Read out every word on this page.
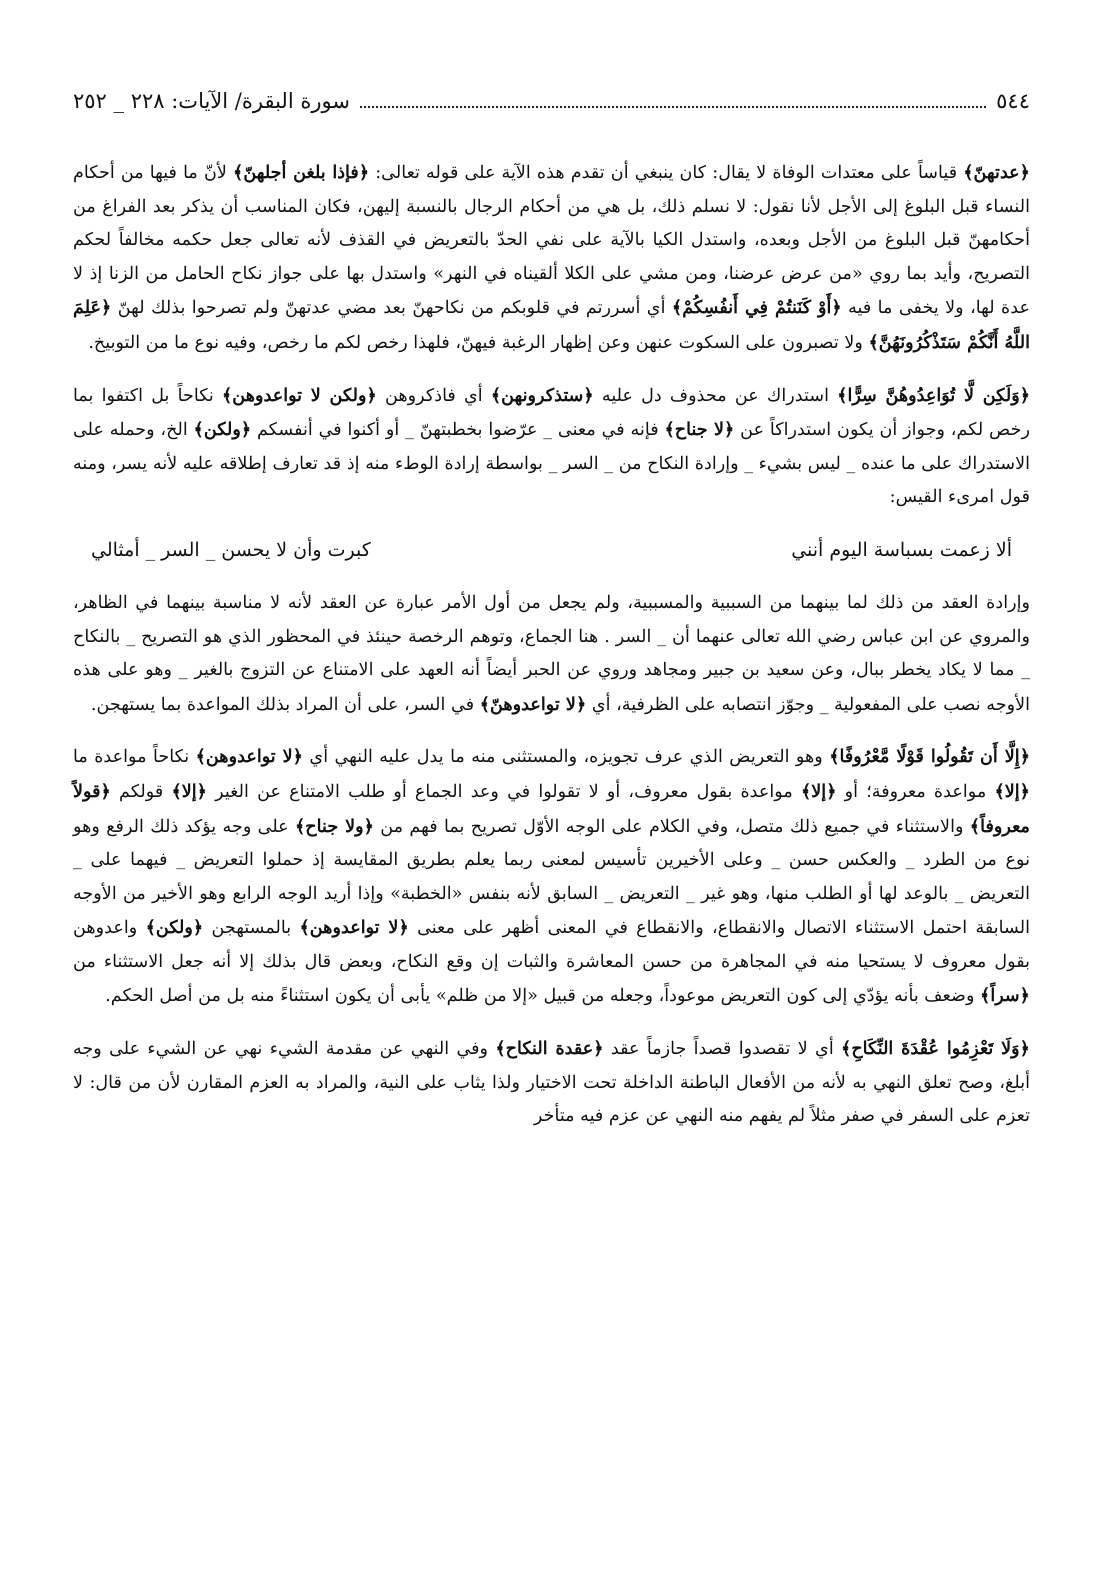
٥٤٤
سورة البقرة/ الآيات: ٢٢٨ _ ٢٥٢

﴿عدتهنّ﴾ قياساً على معتدات الوفاة لا يقال: كان ينبغي أن تقدم هذه الآية على قوله تعالى: ﴿فإذا بلغن أجلهنّ﴾ لأنّ ما فيها من أحكام النساء قبل البلوغ إلى الأجل لأنا نقول: لا نسلم ذلك، بل هي من أحكام الرجال بالنسبة إليهن، فكان المناسب أن يذكر بعد الفراغ من أحكامهنّ قبل البلوغ من الأجل وبعده، واستدل الكيا بالآية على نفي الحدّ بالتعريض في القذف لأنه تعالى جعل حكمه مخالفاً لحكم التصريح، وأيد بما روي «من عرض عرضنا، ومن مشي على الكلا ألقيناه في النهر» واستدل بها على جواز نكاح الحامل من الزنا إذ لا عدة لها، ولا يخفى ما فيه ﴿أَوْ كَنَنتُمْ فِي أَنفُسِكُمْ﴾ أي أسررتم في قلوبكم من نكاحهنّ بعد مضي عدتهنّ ولم تصرحوا بذلك لهنّ ﴿عَلِمَ اللَّهُ أَنَّكُمْ سَتَذْكُرُونَهُنَّ﴾ ولا تصبرون على السكوت عنهن وعن إظهار الرغبة فيهنّ، فلهذا رخص لكم ما رخص، وفيه نوع ما من التوبيخ.

﴿وَلَكِن لَّا تُوَاعِدُوهُنَّ سِرًّا﴾ استدراك عن محذوف دل عليه ﴿ستذكرونهن﴾ أي فاذكروهن ﴿ولكن لا تواعدوهن﴾ نكاحاً بل اكتفوا بما رخص لكم، وجواز أن يكون استدراكاً عن ﴿لا جناح﴾ فإنه في معنى _ عرّضوا بخطبتهنّ _ أو أكنوا في أنفسكم ﴿ولكن﴾ الخ، وحمله على الاستدراك على ما عنده _ ليس بشيء _ وإرادة النكاح من _ السر _ بواسطة إرادة الوطء منه إذ قد تعارف إطلاقه عليه لأنه يسر، ومنه قول امرىء القيس:

ألا زعمت بسباسة اليوم أنني
كبرت وأن لا يحسن _ السر _ أمثالي

وإرادة العقد من ذلك لما بينهما من السببية والمسببية، ولم يجعل من أول الأمر عبارة عن العقد لأنه لا مناسبة بينهما في الظاهر، والمروي عن ابن عباس رضي الله تعالى عنهما أن _ السر . هنا الجماع، وتوهم الرخصة حينئذ في المحظور الذي هو التصريح _ بالنكاح _ مما لا يكاد يخطر ببال، وعن سعيد بن جبير ومجاهد وروي عن الحبر أيضاً أنه العهد على الامتناع عن التزوج بالغير _ وهو على هذه الأوجه نصب على المفعولية _ وجوّز انتصابه على الظرفية، أي ﴿لا تواعدوهنّ﴾ في السر، على أن المراد بذلك المواعدة بما يستهجن.

﴿إِلَّا أَن تَقُولُوا قَوْلًا مَّعْرُوفًا﴾ وهو التعريض الذي عرف تجويزه، والمستثنى منه ما يدل عليه النهي أي ﴿لا تواعدوهن﴾ نكاحاً مواعدة ما ﴿إلا﴾ مواعدة معروفة؛ أو ﴿إلا﴾ مواعدة بقول معروف، أو لا تقولوا في وعد الجماع أو طلب الامتناع عن الغير ﴿إلا﴾ قولكم ﴿قولاً معروفاً﴾ والاستثناء في جميع ذلك متصل، وفي الكلام على الوجه الأوّل تصريح بما فهم من ﴿ولا جناح﴾ على وجه يؤكد ذلك الرفع وهو نوع من الطرد _ والعكس حسن _ وعلى الأخيرين تأسيس لمعنى ربما يعلم بطريق المقايسة إذ حملوا التعريض _ فيهما على _ التعريض _ بالوعد لها أو الطلب منها، وهو غير _ التعريض _ السابق لأنه بنفس «الخطبة» وإذا أريد الوجه الرابع وهو الأخير من الأوجه السابقة احتمل الاستثناء الاتصال والانقطاع، والانقطاع في المعنى أظهر على معنى ﴿لا تواعدوهن﴾ بالمستهجن ﴿ولكن﴾ واعدوهن بقول معروف لا يستحيا منه في المجاهرة من حسن المعاشرة والثبات إن وقع النكاح، وبعض قال بذلك إلا أنه جعل الاستثناء من ﴿سراً﴾ وضعف بأنه يؤدّي إلى كون التعريض موعوداً، وجعله من قبيل «إلا من ظلم» يأبى أن يكون استثناءً منه بل من أصل الحكم.

﴿وَلَا تَعْزِمُوا عُقْدَةَ النِّكَاحِ﴾ أي لا تقصدوا قصداً جازماً عقد ﴿عقدة النكاح﴾ وفي النهي عن مقدمة الشيء نهي عن الشيء على وجه أبلغ، وصح تعلق النهي به لأنه من الأفعال الباطنة الداخلة تحت الاختيار ولذا يثاب على النية، والمراد به العزم المقارن لأن من قال: لا تعزم على السفر في صفر مثلاً لم يفهم منه النهي عن عزم فيه متأخر
